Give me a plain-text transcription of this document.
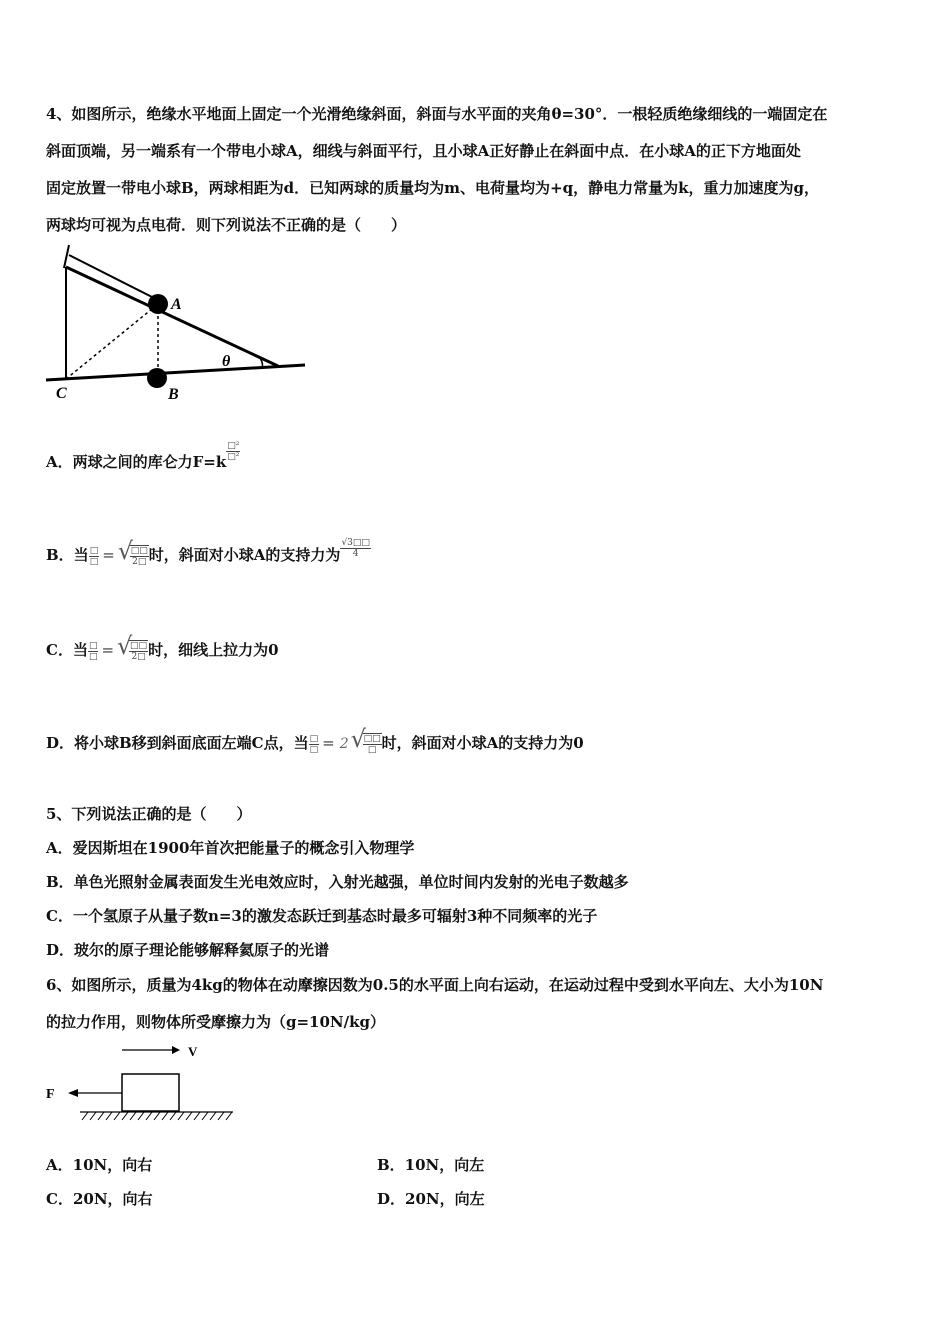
4、如图所示，绝缘水平地面上固定一个光滑绝缘斜面，斜面与水平面的夹角θ=30°．一根轻质绝缘细线的一端固定在
斜面顶端，另一端系有一个带电小球A，细线与斜面平行，且小球A正好静止在斜面中点．在小球A的正下方地面处
固定放置一带电小球B，两球相距为d．已知两球的质量均为m、电荷量均为+q，静电力常量为k，重力加速度为g，
两球均可视为点电荷．则下列说法不正确的是（　　）
A
B
C
θ
A．两球之间的库仑力F=k
$\frac{\text{□²}}{\text{□²}}$
B．当 $\frac{□}{□}$ = √
$\frac{□□}{2□}$ 时，斜面对小球A的支持力为 $\frac{√3□□}{4}$
C．当 $\frac{□}{□}$ = √
$\frac{□□}{2□}$ 时，细线上拉力为0
D．将小球B移到斜面底面左端C点，当 $\frac{□}{□} = 2$ √
$\frac{□□}{□}$ 时，斜面对小球A的支持力为0
5、下列说法正确的是（　　）
A．爱因斯坦在1900年首次把能量子的概念引入物理学
B．单色光照射金属表面发生光电效应时，入射光越强，单位时间内发射的光电子数越多
C．一个氢原子从量子数n=3的激发态跃迁到基态时最多可辐射3种不同频率的光子
D．玻尔的原子理论能够解释氦原子的光谱
6、如图所示，质量为4kg的物体在动摩擦因数为0.5的水平面上向右运动，在运动过程中受到水平向左、大小为10N
的拉力作用，则物体所受摩擦力为（g=10N/kg）
V
F
A．10N，向右	B．10N，向左
C．20N，向右	D．20N，向左
